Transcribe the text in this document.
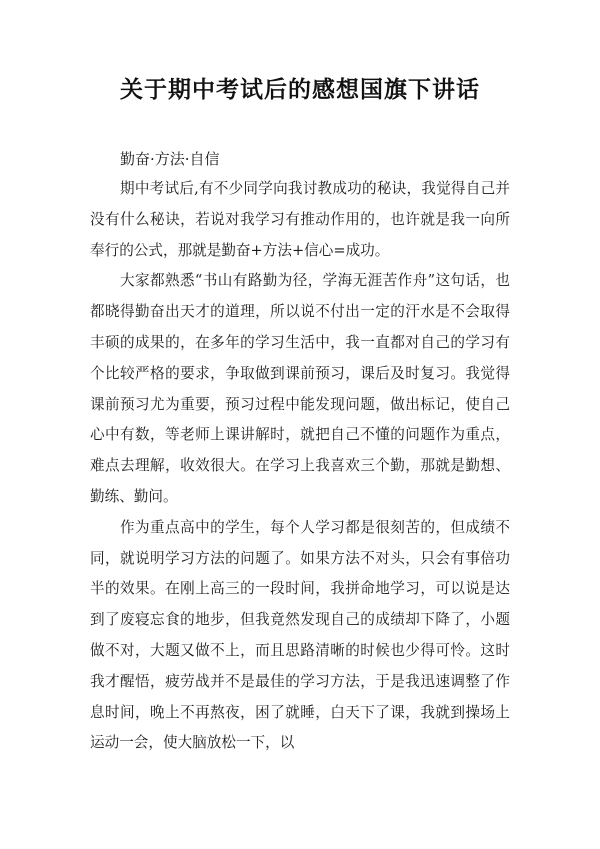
关于期中考试后的感想国旗下讲话

勤奋·方法·自信

期中考试后,有不少同学向我讨教成功的秘诀，我觉得自己并没有什么秘诀，若说对我学习有推动作用的，也许就是我一向所奉行的公式，那就是勤奋+方法+信心=成功。

大家都熟悉“书山有路勤为径，学海无涯苦作舟”这句话，也都晓得勤奋出天才的道理，所以说不付出一定的汗水是不会取得丰硕的成果的，在多年的学习生活中，我一直都对自己的学习有个比较严格的要求，争取做到课前预习，课后及时复习。我觉得课前预习尤为重要，预习过程中能发现问题，做出标记，使自己心中有数，等老师上课讲解时，就把自己不懂的问题作为重点，难点去理解，收效很大。在学习上我喜欢三个勤，那就是勤想、勤练、勤问。

作为重点高中的学生，每个人学习都是很刻苦的，但成绩不同，就说明学习方法的问题了。如果方法不对头，只会有事倍功半的效果。在刚上高三的一段时间，我拼命地学习，可以说是达到了废寝忘食的地步，但我竟然发现自己的成绩却下降了，小题做不对，大题又做不上，而且思路清晰的时候也少得可怜。这时我才醒悟，疲劳战并不是最佳的学习方法，于是我迅速调整了作息时间，晚上不再熬夜，困了就睡，白天下了课，我就到操场上运动一会，使大脑放松一下，以
